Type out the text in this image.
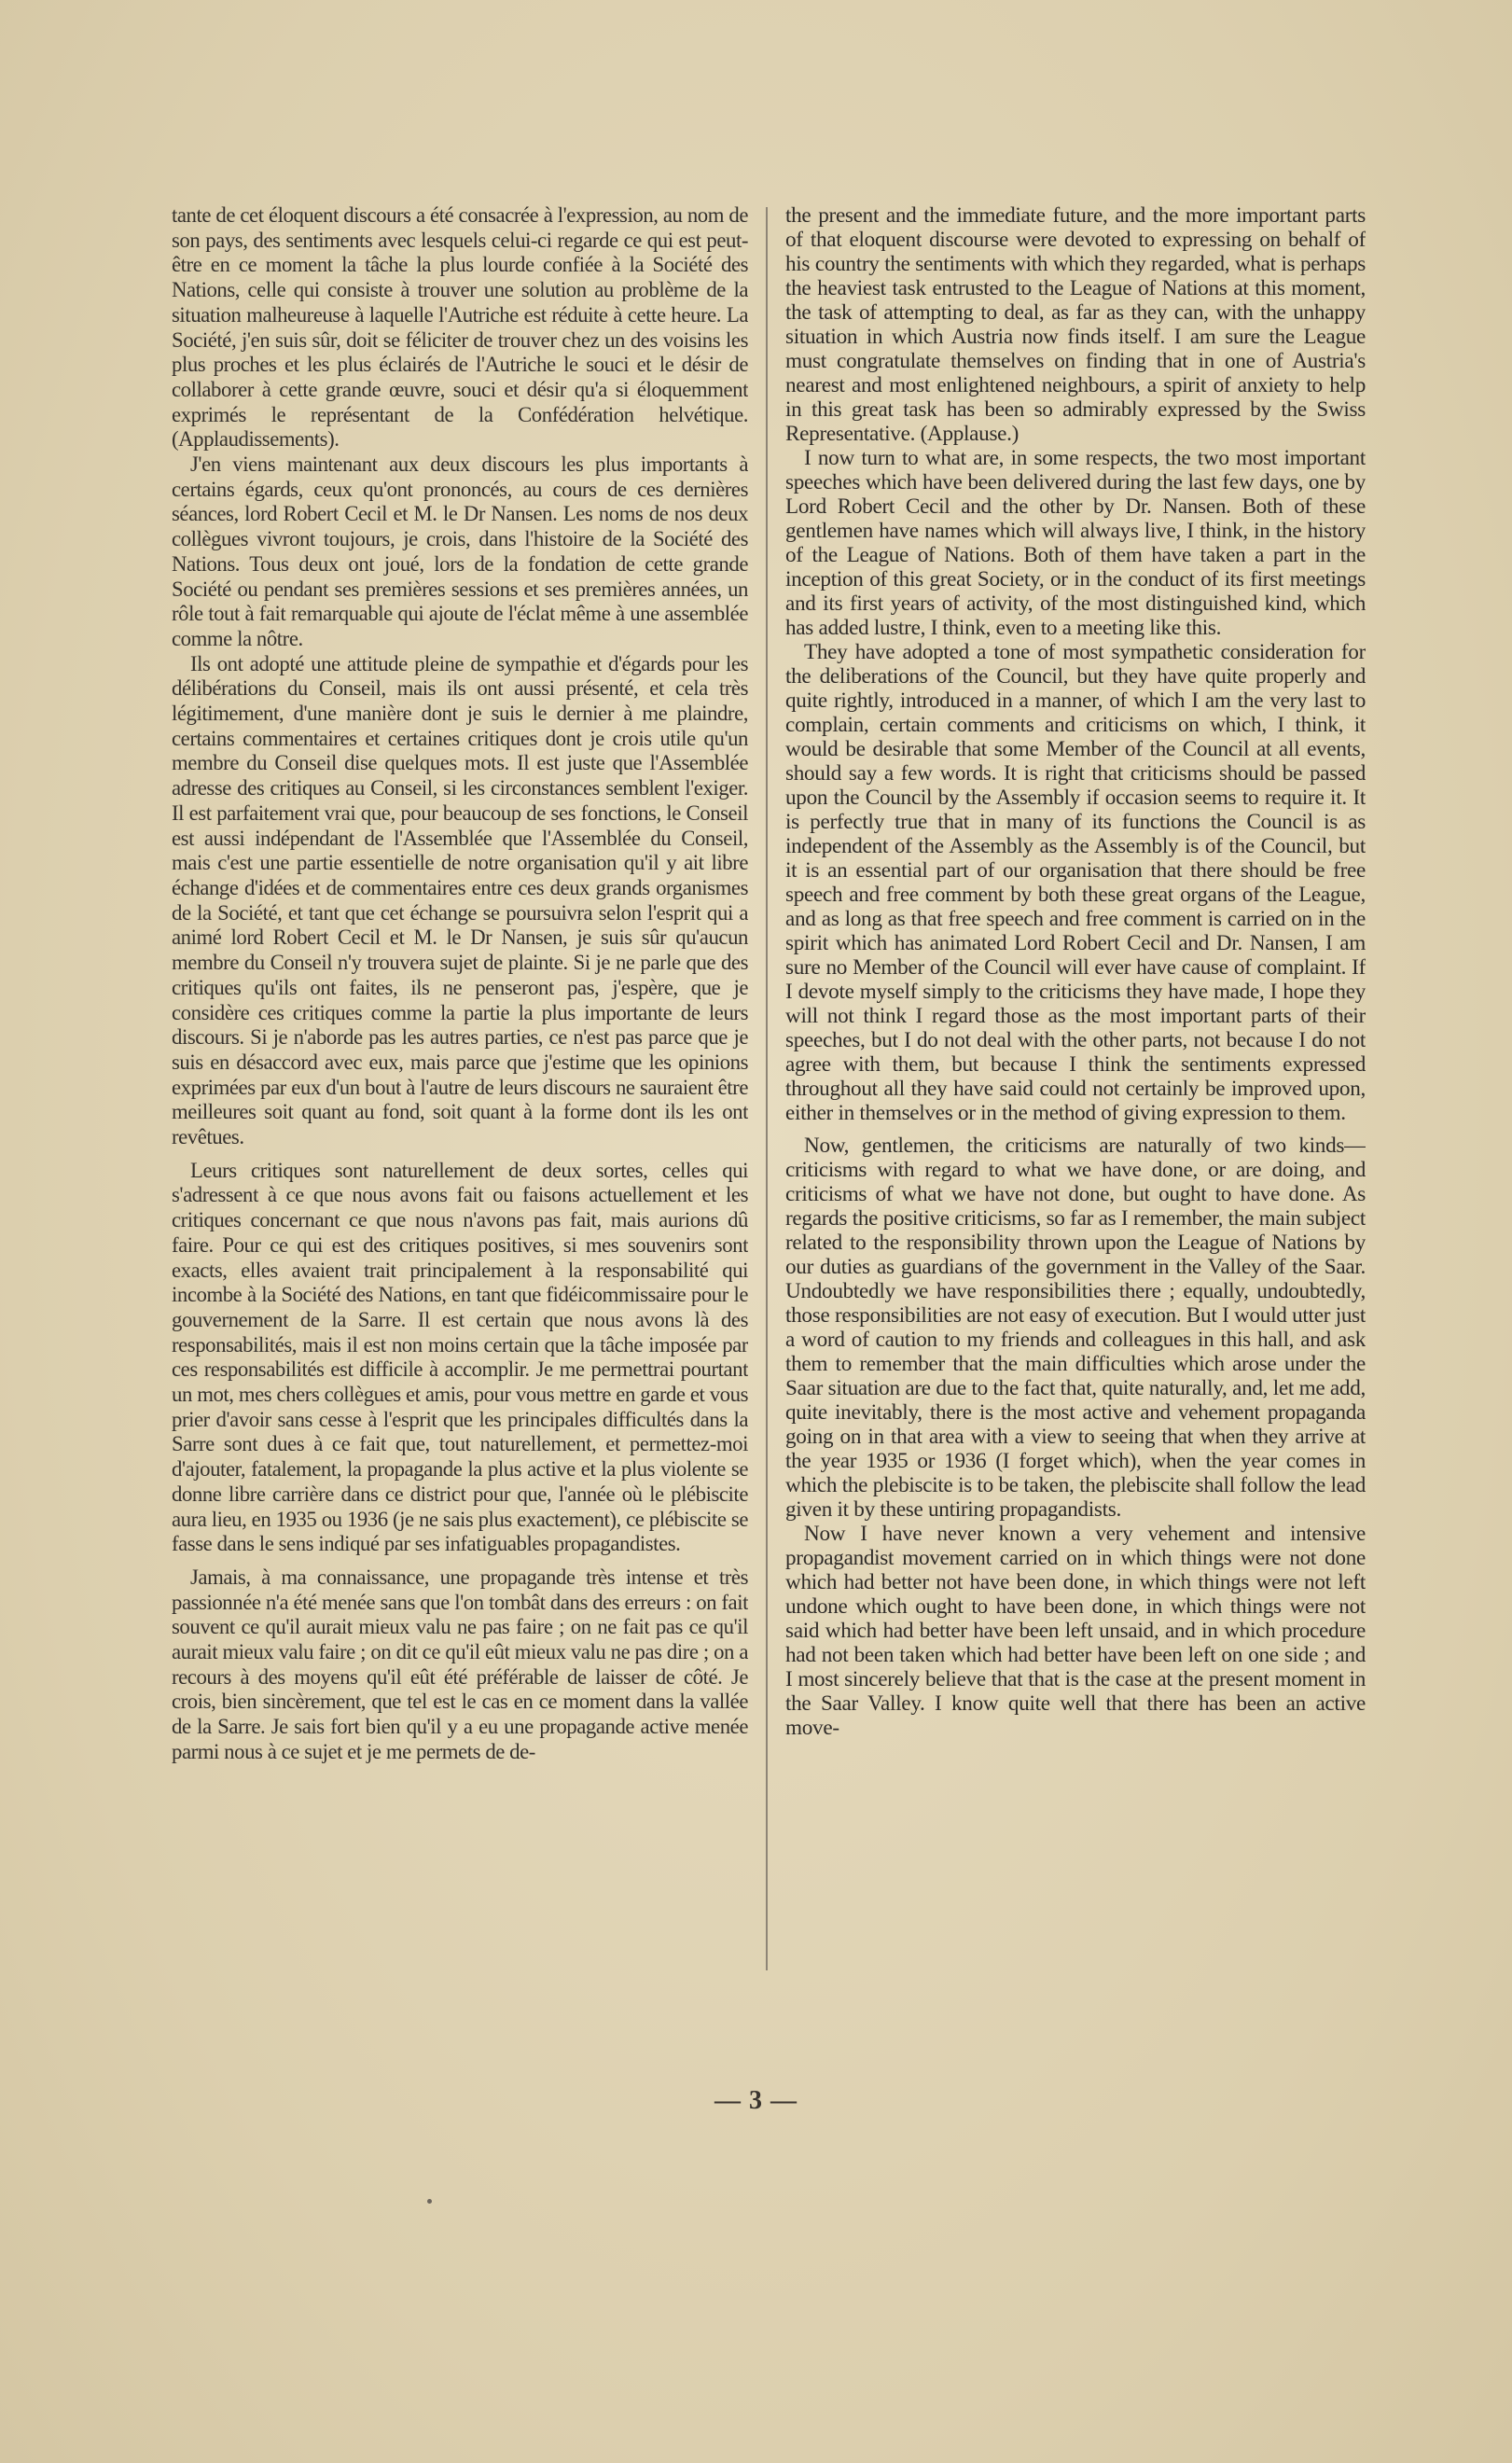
tante de cet éloquent discours a été consacrée à l'expression, au nom de son pays, des sentiments avec lesquels celui-ci regarde ce qui est peut-être en ce moment la tâche la plus lourde confiée à la Société des Nations, celle qui consiste à trouver une solution au problème de la situation malheureuse à laquelle l'Autriche est réduite à cette heure. La Société, j'en suis sûr, doit se féliciter de trouver chez un des voisins les plus proches et les plus éclairés de l'Autriche le souci et le désir de collaborer à cette grande œuvre, souci et désir qu'a si éloquemment exprimés le représentant de la Confédération helvétique. (Applaudissements).

J'en viens maintenant aux deux discours les plus importants à certains égards, ceux qu'ont prononcés, au cours de ces dernières séances, lord Robert Cecil et M. le Dr Nansen. Les noms de nos deux collègues vivront toujours, je crois, dans l'histoire de la Société des Nations. Tous deux ont joué, lors de la fondation de cette grande Société ou pendant ses premières sessions et ses premières années, un rôle tout à fait remarquable qui ajoute de l'éclat même à une assemblée comme la nôtre.

Ils ont adopté une attitude pleine de sympathie et d'égards pour les délibérations du Conseil, mais ils ont aussi présenté, et cela très légitimement, d'une manière dont je suis le dernier à me plaindre, certains commentaires et certaines critiques dont je crois utile qu'un membre du Conseil dise quelques mots. Il est juste que l'Assemblée adresse des critiques au Conseil, si les circonstances semblent l'exiger. Il est parfaitement vrai que, pour beaucoup de ses fonctions, le Conseil est aussi indépendant de l'Assemblée que l'Assemblée du Conseil, mais c'est une partie essentielle de notre organisation qu'il y ait libre échange d'idées et de commentaires entre ces deux grands organismes de la Société, et tant que cet échange se poursuivra selon l'esprit qui a animé lord Robert Cecil et M. le Dr Nansen, je suis sûr qu'aucun membre du Conseil n'y trouvera sujet de plainte. Si je ne parle que des critiques qu'ils ont faites, ils ne penseront pas, j'espère, que je considère ces critiques comme la partie la plus importante de leurs discours. Si je n'aborde pas les autres parties, ce n'est pas parce que je suis en désaccord avec eux, mais parce que j'estime que les opinions exprimées par eux d'un bout à l'autre de leurs discours ne sauraient être meilleures soit quant au fond, soit quant à la forme dont ils les ont revêtues.

Leurs critiques sont naturellement de deux sortes, celles qui s'adressent à ce que nous avons fait ou faisons actuellement et les critiques concernant ce que nous n'avons pas fait, mais aurions dû faire. Pour ce qui est des critiques positives, si mes souvenirs sont exacts, elles avaient trait principalement à la responsabilité qui incombe à la Société des Nations, en tant que fidéicommissaire pour le gouvernement de la Sarre. Il est certain que nous avons là des responsabilités, mais il est non moins certain que la tâche imposée par ces responsabilités est difficile à accomplir. Je me permettrai pourtant un mot, mes chers collègues et amis, pour vous mettre en garde et vous prier d'avoir sans cesse à l'esprit que les principales difficultés dans la Sarre sont dues à ce fait que, tout naturellement, et permettez-moi d'ajouter, fatalement, la propagande la plus active et la plus violente se donne libre carrière dans ce district pour que, l'année où le plébiscite aura lieu, en 1935 ou 1936 (je ne sais plus exactement), ce plébiscite se fasse dans le sens indiqué par ses infatiguables propagandistes.

Jamais, à ma connaissance, une propagande très intense et très passionnée n'a été menée sans que l'on tombât dans des erreurs : on fait souvent ce qu'il aurait mieux valu ne pas faire ; on ne fait pas ce qu'il aurait mieux valu faire ; on dit ce qu'il eût mieux valu ne pas dire ; on a recours à des moyens qu'il eût été préférable de laisser de côté. Je crois, bien sincèrement, que tel est le cas en ce moment dans la vallée de la Sarre. Je sais fort bien qu'il y a eu une propagande active menée parmi nous à ce sujet et je me permets de de-

the present and the immediate future, and the more important parts of that eloquent discourse were devoted to expressing on behalf of his country the sentiments with which they regarded, what is perhaps the heaviest task entrusted to the League of Nations at this moment, the task of attempting to deal, as far as they can, with the unhappy situation in which Austria now finds itself. I am sure the League must congratulate themselves on finding that in one of Austria's nearest and most enlightened neighbours, a spirit of anxiety to help in this great task has been so admirably expressed by the Swiss Representative. (Applause.)

I now turn to what are, in some respects, the two most important speeches which have been delivered during the last few days, one by Lord Robert Cecil and the other by Dr. Nansen. Both of these gentlemen have names which will always live, I think, in the history of the League of Nations. Both of them have taken a part in the inception of this great Society, or in the conduct of its first meetings and its first years of activity, of the most distinguished kind, which has added lustre, I think, even to a meeting like this.

They have adopted a tone of most sympathetic consideration for the deliberations of the Council, but they have quite properly and quite rightly, introduced in a manner, of which I am the very last to complain, certain comments and criticisms on which, I think, it would be desirable that some Member of the Council at all events, should say a few words. It is right that criticisms should be passed upon the Council by the Assembly if occasion seems to require it. It is perfectly true that in many of its functions the Council is as independent of the Assembly as the Assembly is of the Council, but it is an essential part of our organisation that there should be free speech and free comment by both these great organs of the League, and as long as that free speech and free comment is carried on in the spirit which has animated Lord Robert Cecil and Dr. Nansen, I am sure no Member of the Council will ever have cause of complaint. If I devote myself simply to the criticisms they have made, I hope they will not think I regard those as the most important parts of their speeches, but I do not deal with the other parts, not because I do not agree with them, but because I think the sentiments expressed throughout all they have said could not certainly be improved upon, either in themselves or in the method of giving expression to them.

Now, gentlemen, the criticisms are naturally of two kinds—criticisms with regard to what we have done, or are doing, and criticisms of what we have not done, but ought to have done. As regards the positive criticisms, so far as I remember, the main subject related to the responsibility thrown upon the League of Nations by our duties as guardians of the government in the Valley of the Saar. Undoubtedly we have responsibilities there ; equally, undoubtedly, those responsibilities are not easy of execution. But I would utter just a word of caution to my friends and colleagues in this hall, and ask them to remember that the main difficulties which arose under the Saar situation are due to the fact that, quite naturally, and, let me add, quite inevitably, there is the most active and vehement propaganda going on in that area with a view to seeing that when they arrive at the year 1935 or 1936 (I forget which), when the year comes in which the plebiscite is to be taken, the plebiscite shall follow the lead given it by these untiring propagandists.

Now I have never known a very vehement and intensive propagandist movement carried on in which things were not done which had better not have been done, in which things were not left undone which ought to have been done, in which things were not said which had better have been left unsaid, and in which procedure had not been taken which had better have been left on one side ; and I most sincerely believe that that is the case at the present moment in the Saar Valley. I know quite well that there has been an active move-

— 3 —
